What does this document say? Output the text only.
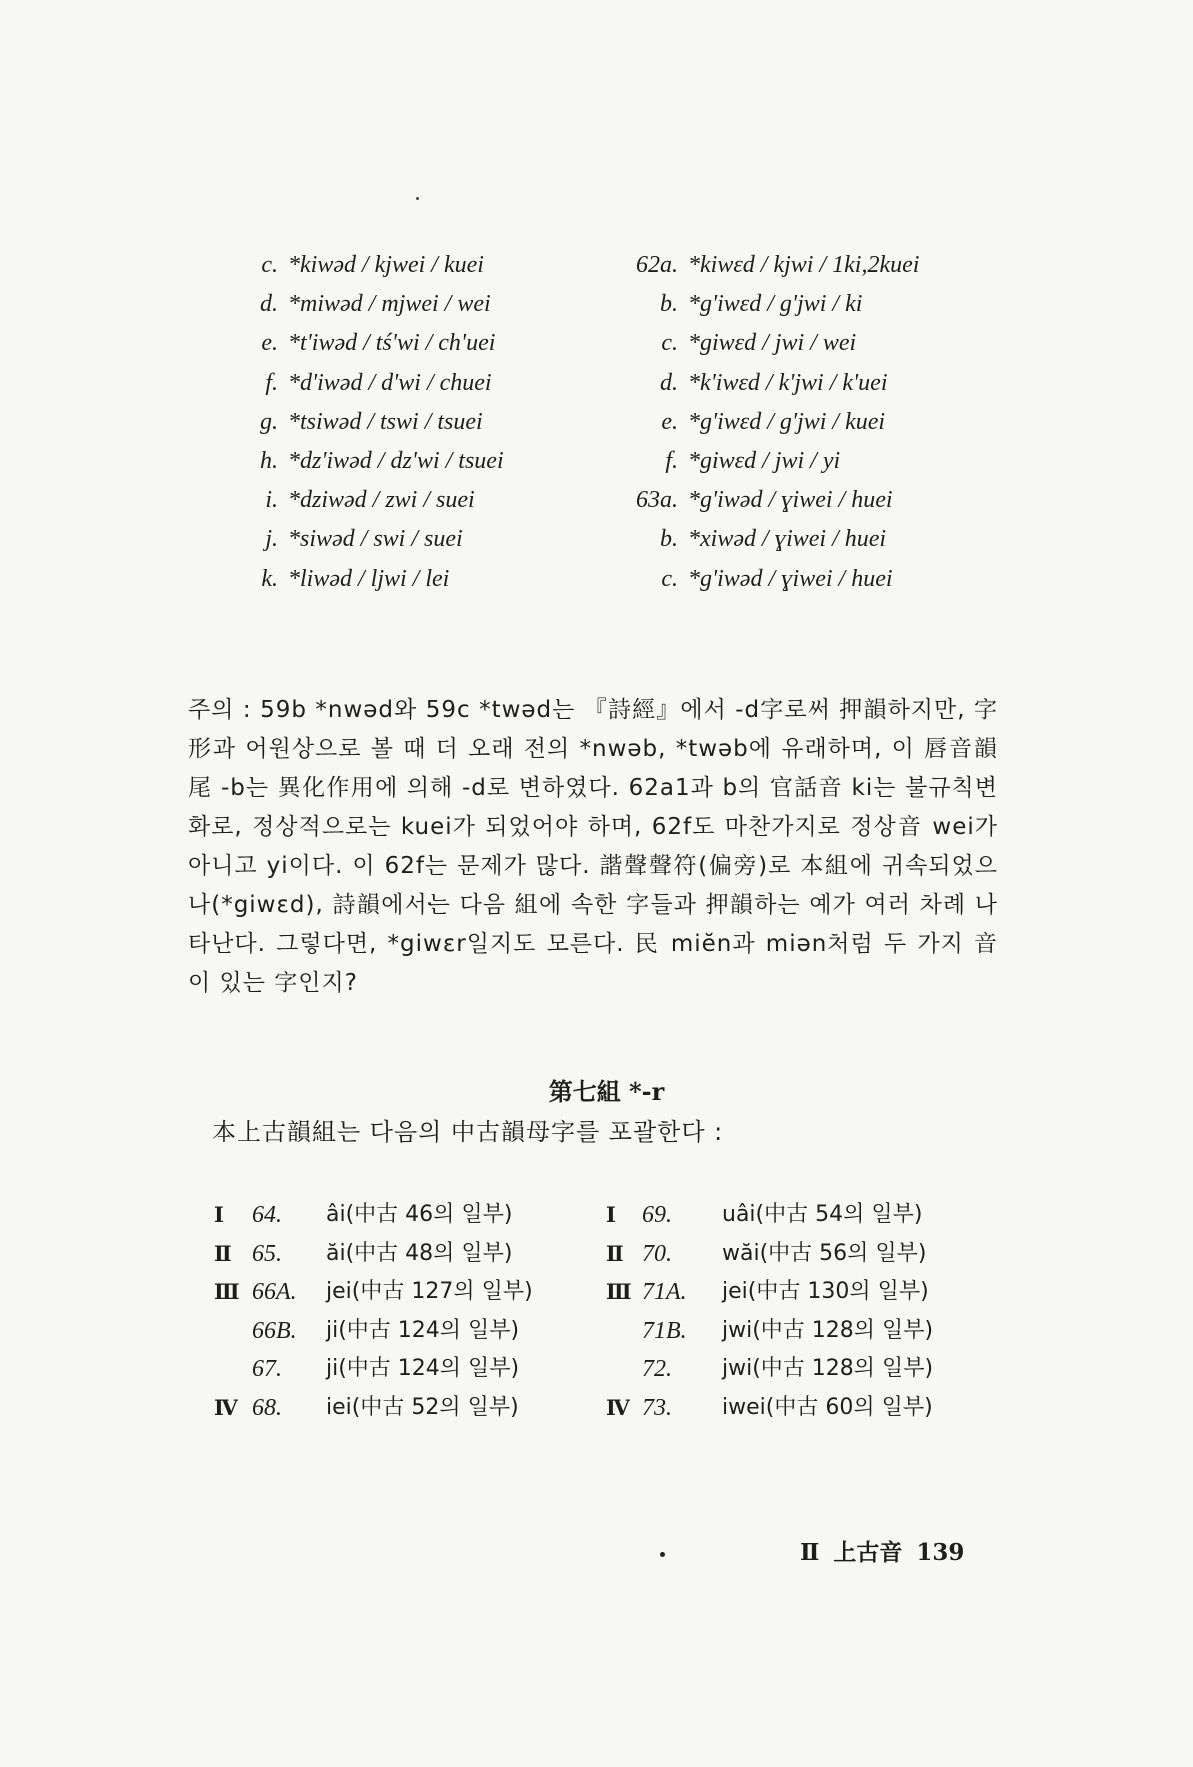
c. *kiwəd / kjwei / kuei
d. *miwəd / mjwei / wei
e. *t'iwəd / tś'wi / ch'uei
f. *d'iwəd / d'wi / chuei
g. *tsiwəd / tswi / tsuei
h. *dz'iwəd / dz'wi / tsuei
i. *dziwəd / zwi / suei
j. *siwəd / swi / suei
k. *liwəd / ljwi / lei
62a. *kiwεd / kjwi / 1ki,2kuei
b. *g'iwεd / g'jwi / ki
c. *giwεd / jwi / wei
d. *k'iwεd / k'jwi / k'uei
e. *g'iwεd / g'jwi / kuei
f. *giwεd / jwi / yi
63a. *g'iwəd / ɣiwei / huei
b. *xiwəd / ɣiwei / huei
c. *g'iwəd / ɣiwei / huei

주의 : 59b *nwəd와 59c *twəd는 『詩經』에서 -d字로써 押韻하지만, 字形과 어원상으로 볼 때 더 오래 전의 *nwəb, *twəb에 유래하며, 이 唇音韻尾 -b는 異化作用에 의해 -d로 변하였다. 62a1과 b의 官話音 ki는 불규칙변화로, 정상적으로는 kuei가 되었어야 하며, 62f도 마찬가지로 정상音 wei가 아니고 yi이다. 이 62f는 문제가 많다. 諧聲聲符(偏旁)로 本組에 귀속되었으나(*giwεd), 詩韻에서는 다음 組에 속한 字들과 押韻하는 예가 여러 차례 나타난다. 그렇다면, *giwεr일지도 모른다. 民 miĕn과 miən처럼 두 가지 音이 있는 字인지?

第七組 *-r
本上古韻組는 다음의 中古韻母字를 포괄한다 :
Ⅰ	64.	âi(中古 46의 일부)
Ⅱ 65.	ăi(中古 48의 일부)
Ⅲ 66A.	jei(中古 127의 일부)
66B.	ji(中古 124의 일부)
67.	ji(中古 124의 일부)
Ⅳ 68.	iei(中古 52의 일부)
Ⅰ	69.	uâi(中古 54의 일부)
Ⅱ 70.	wăi(中古 56의 일부)
Ⅲ 71A.	jei(中古 130의 일부)
71B.	jwi(中古 128의 일부)
72.	jwi(中古 128의 일부)
Ⅳ 73.	iwei(中古 60의 일부)
Ⅱ 上古音 139
